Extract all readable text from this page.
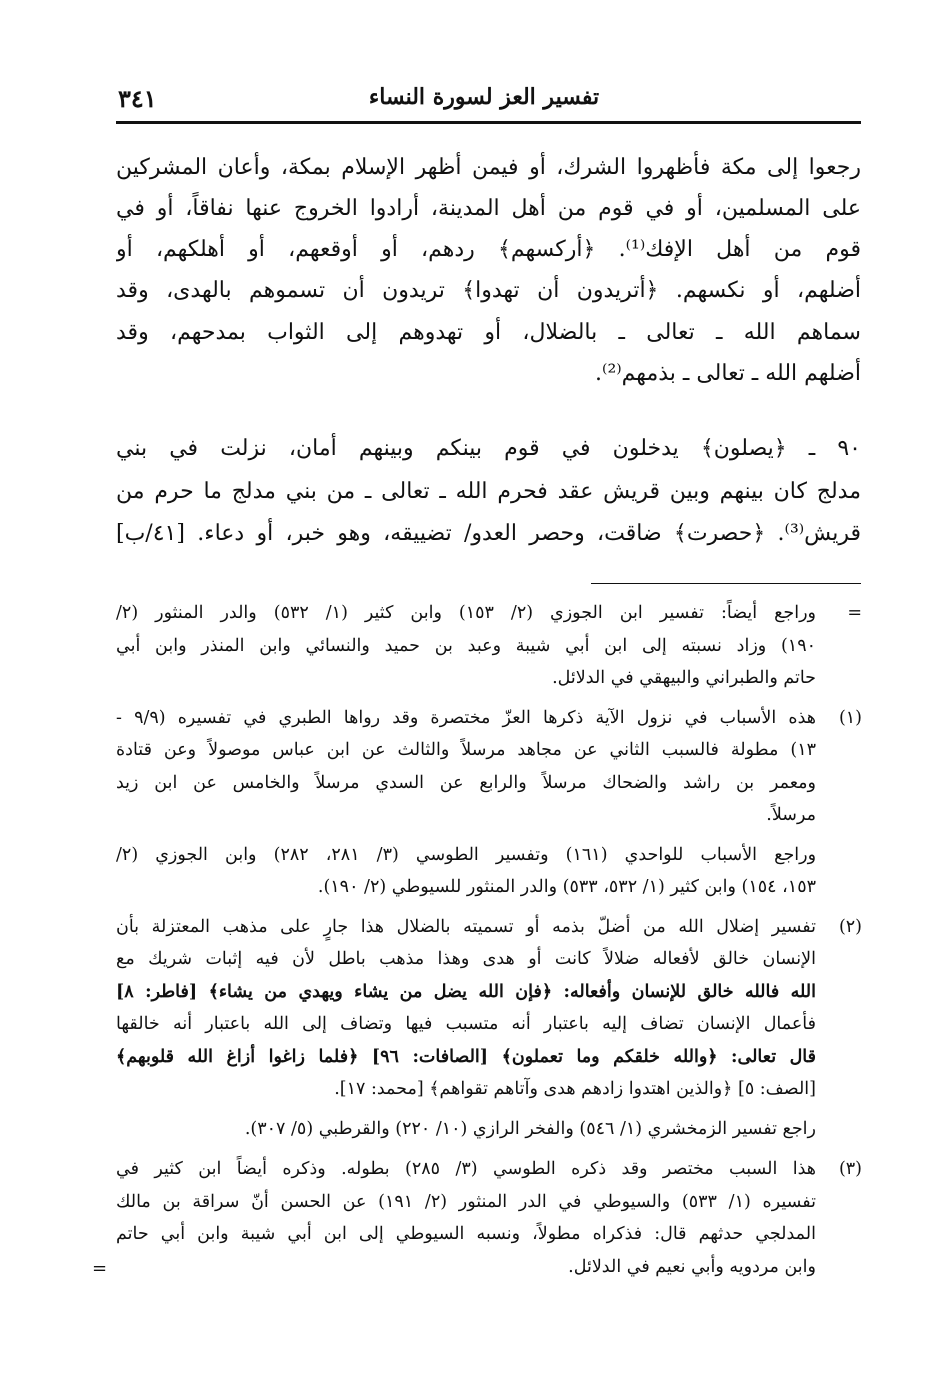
تفسير العز لسورة النساء
٣٤١
رجعوا إلى مكة فأظهروا الشرك، أو فيمن أظهر الإسلام بمكة، وأعان المشركين
على المسلمين، أو في قوم من أهل المدينة، أرادوا الخروج عنها نفاقاً، أو في
قوم من أهل الإفك⁽¹⁾. ﴿أركسهم﴾ ردهم، أو أوقعهم، أو أهلكهم، أو
أضلهم، أو نكسهم. ﴿أتريدون أن تهدوا﴾ تريدون أن تسموهم بالهدى، وقد
سماهم الله ـ تعالى ـ بالضلال، أو تهدوهم إلى الثواب بمدحهم، وقد
أضلهم الله ـ تعالى ـ بذمهم⁽²⁾.
٩٠ ـ ﴿يصلون﴾ يدخلون في قوم بينكم وبينهم أمان، نزلت في بني
مدلج كان بينهم وبين قريش عقد فحرم الله ـ تعالى ـ من بني مدلج ما حرم من
قريش⁽³⁾. ﴿حصرت﴾ ضاقت، وحصر العدو/ تضييقه، وهو خبر، أو دعاء. [٤١/ب]
=
وراجع أيضاً: تفسير ابن الجوزي (٢/ ١٥٣) وابن كثير (١/ ٥٣٢) والدر المنثور (٢/
١٩٠) وزاد نسبته إلى ابن أبي شيبة وعبد بن حميد والنسائي وابن المنذر وابن أبي
حاتم والطبراني والبيهقي في الدلائل.
(١)
هذه الأسباب في نزول الآية ذكرها العزّ مختصرة وقد رواها الطبري في تفسيره (٩/٩ -
١٣) مطولة فالسبب الثاني عن مجاهد مرسلاً والثالث عن ابن عباس موصولاً وعن قتادة
ومعمر بن راشد والضحاك مرسلاً والرابع عن السدي مرسلاً والخامس عن ابن زيد
مرسلاً.
وراجع الأسباب للواحدي (١٦١) وتفسير الطوسي (٣/ ٢٨١، ٢٨٢) وابن الجوزي (٢/
١٥٣، ١٥٤) وابن كثير (١/ ٥٣٢، ٥٣٣) والدر المنثور للسيوطي (٢/ ١٩٠).
(٢)
تفسير إضلال الله من أضلّ بذمه أو تسميته بالضلال هذا جارٍ على مذهب المعتزلة بأن
الإنسان خالق لأفعاله ضلالاً كانت أو هدى وهذا مذهب باطل لأن فيه إثبات شريك مع
الله فالله خالق للإنسان وأفعاله: ﴿فإن الله يضل من يشاء ويهدي من يشاء﴾ [فاطر: ٨]
فأعمال الإنسان تضاف إليه باعتبار أنه متسبب فيها وتضاف إلى الله باعتبار أنه خالقها
قال تعالى: ﴿والله خلقكم وما تعملون﴾ [الصافات: ٩٦] ﴿فلما زاغوا أزاغ الله قلوبهم﴾
[الصف: ٥] ﴿والذين اهتدوا زادهم هدى وآتاهم تقواهم﴾ [محمد: ١٧].
راجع تفسير الزمخشري (١/ ٥٤٦) والفخر الرازي (١٠/ ٢٢٠) والقرطبي (٥/ ٣٠٧).
(٣)
هذا السبب مختصر وقد ذكره الطوسي (٣/ ٢٨٥) بطوله. وذكره أيضاً ابن كثير في
تفسيره (١/ ٥٣٣) والسيوطي في الدر المنثور (٢/ ١٩١) عن الحسن أنّ سراقة بن مالك
المدلجي حدثهم قال: فذكراه مطولاً، ونسبه السيوطي إلى ابن أبي شيبة وابن أبي حاتم
وابن مردويه وأبي نعيم في الدلائل.
=
